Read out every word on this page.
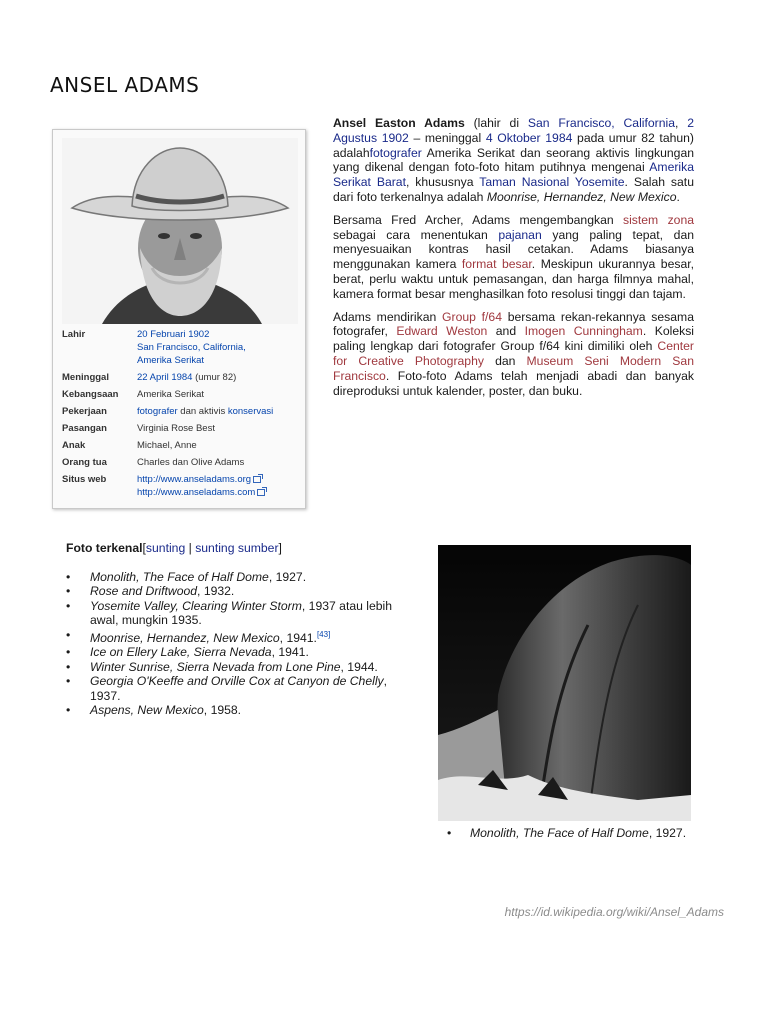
ANSEL ADAMS
Lahir	20 Februari 1902
San Francisco, California,
Amerika Serikat
Meninggal	22 April 1984 (umur 82)
Kebangsaan	Amerika Serikat
Pekerjaan	fotografer dan aktivis konservasi
Pasangan	Virginia Rose Best
Anak	Michael, Anne
Orang tua	Charles dan Olive Adams
Situs web	http://www.anseladams.org
http://www.anseladams.com

Ansel Easton Adams (lahir di San Francisco, California, 2 Agustus 1902 – meninggal 4 Oktober 1984 pada umur 82 tahun) adalahfotografer Amerika Serikat dan seorang aktivis lingkungan yang dikenal dengan foto-foto hitam putihnya mengenai Amerika Serikat Barat, khususnya Taman Nasional Yosemite. Salah satu dari foto terkenalnya adalah Moonrise, Hernandez, New Mexico.

Bersama Fred Archer, Adams mengembangkan sistem zona sebagai cara menentukan pajanan yang paling tepat, dan menyesuaikan kontras hasil cetakan. Adams biasanya menggunakan kamera format besar. Meskipun ukurannya besar, berat, perlu waktu untuk pemasangan, dan harga filmnya mahal, kamera format besar menghasilkan foto resolusi tinggi dan tajam.

Adams mendirikan Group f/64 bersama rekan-rekannya sesama fotografer, Edward Weston and Imogen Cunningham. Koleksi paling lengkap dari fotografer Group f/64 kini dimiliki oleh Center for Creative Photography dan Museum Seni Modern San Francisco. Foto-foto Adams telah menjadi abadi dan banyak direproduksi untuk kalender, poster, dan buku.

Foto terkenal[sunting | sunting sumber]

• Monolith, The Face of Half Dome, 1927.
• Rose and Driftwood, 1932.
• Yosemite Valley, Clearing Winter Storm, 1937 atau lebih awal, mungkin 1935.
• Moonrise, Hernandez, New Mexico, 1941.[43]
• Ice on Ellery Lake, Sierra Nevada, 1941.
• Winter Sunrise, Sierra Nevada from Lone Pine, 1944.
• Georgia O'Keeffe and Orville Cox at Canyon de Chelly, 1937.
• Aspens, New Mexico, 1958.
• Monolith, The Face of Half Dome, 1927.
https://id.wikipedia.org/wiki/Ansel_Adams
